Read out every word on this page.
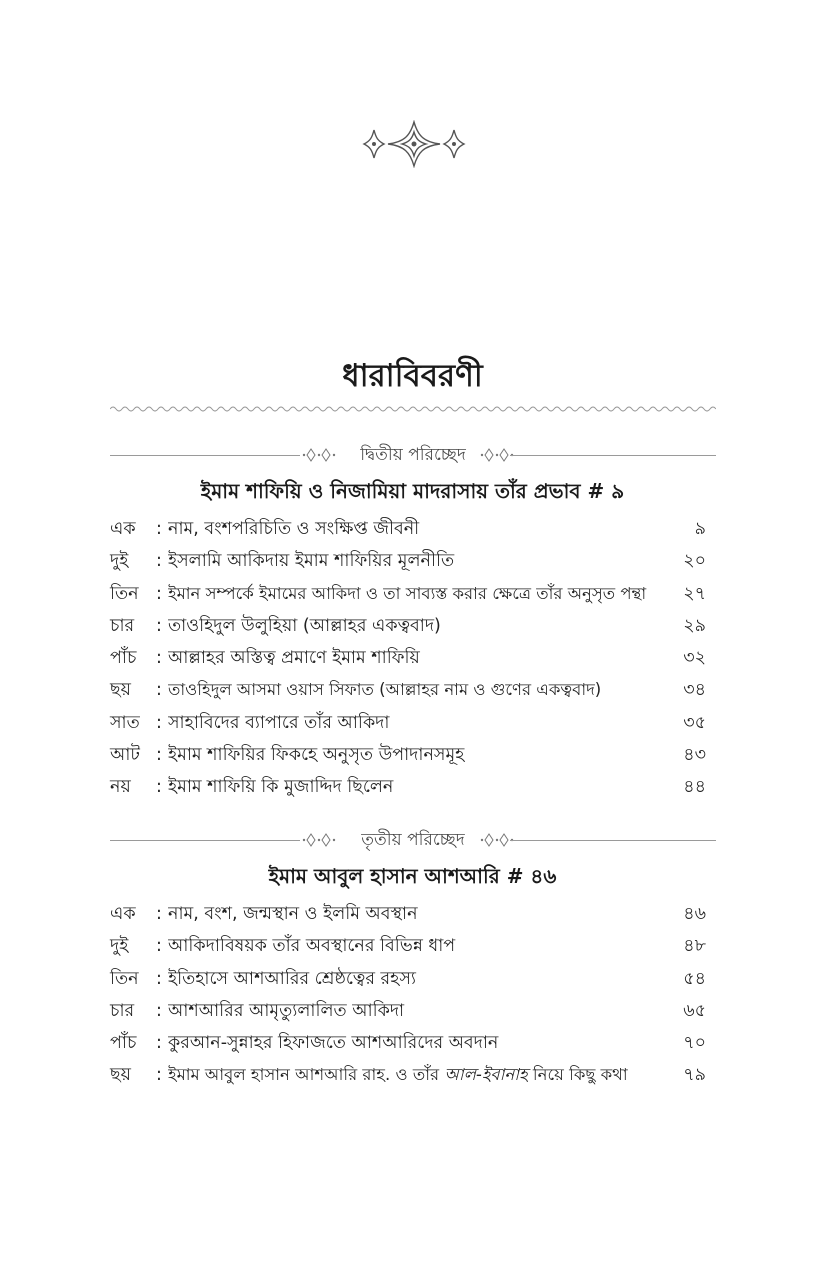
ধারাবিবরণী
দ্বিতীয় পরিচ্ছেদ
ইমাম শাফিয়ি ও নিজামিয়া মাদরাসায় তাঁর প্রভাব # ৯
এক	: নাম, বংশপরিচিতি ও সংক্ষিপ্ত জীবনী	৯
দুই	: ইসলামি আকিদায় ইমাম শাফিয়ির মূলনীতি	২০
তিন : ইমান সম্পর্কে ইমামের আকিদা ও তা সাব্যস্ত করার ক্ষেত্রে তাঁর অনুসৃত পন্থা	২৭
চার	: তাওহিদুল উলুহিয়া (আল্লাহর একত্ববাদ)	২৯
পাঁচ	: আল্লাহর অস্তিত্ব প্রমাণে ইমাম শাফিয়ি	৩২
ছয়	: তাওহিদুল আসমা ওয়াস সিফাত (আল্লাহর নাম ও গুণের একত্ববাদ)	৩৪
সাত : সাহাবিদের ব্যাপারে তাঁর আকিদা	৩৫
আট : ইমাম শাফিয়ির ফিকহে অনুসৃত উপাদানসমূহ	৪৩
নয়	: ইমাম শাফিয়ি কি মুজাদ্দিদ ছিলেন	৪৪
তৃতীয় পরিচ্ছেদ
ইমাম আবুল হাসান আশআরি # ৪৬
এক	: নাম, বংশ, জন্মস্থান ও ইলমি অবস্থান	৪৬
দুই	: আকিদাবিষয়ক তাঁর অবস্থানের বিভিন্ন ধাপ	৪৮
তিন : ইতিহাসে আশআরির শ্রেষ্ঠত্বের রহস্য	৫৪
চার	: আশআরির আমৃত্যুলালিত আকিদা	৬৫
পাঁচ	: কুরআন-সুন্নাহর হিফাজতে আশআরিদের অবদান	৭০
ছয়	: ইমাম আবুল হাসান আশআরি রাহ. ও তাঁর আল-ইবানাহ নিয়ে কিছু কথা	৭৯
